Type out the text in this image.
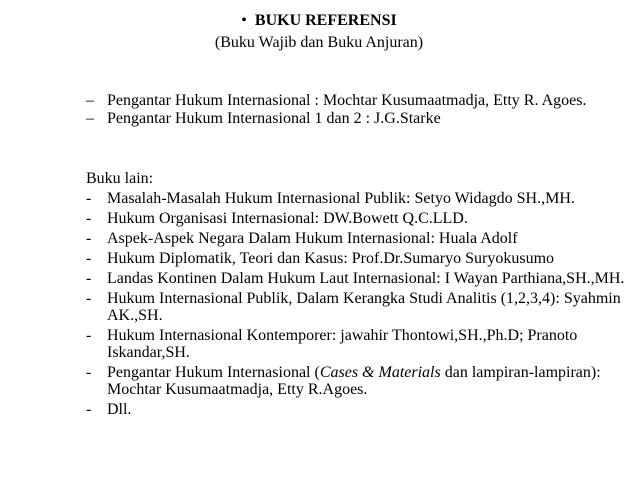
• BUKU REFERENSI
(Buku Wajib dan Buku Anjuran)
– Pengantar Hukum Internasional : Mochtar Kusumaatmadja, Etty R. Agoes.
– Pengantar Hukum Internasional 1 dan 2 : J.G.Starke
Buku lain:
- Masalah-Masalah Hukum Internasional Publik: Setyo Widagdo SH.,MH.
- Hukum Organisasi Internasional: DW.Bowett Q.C.LLD.
- Aspek-Aspek Negara Dalam Hukum Internasional: Huala Adolf
- Hukum Diplomatik, Teori dan Kasus: Prof.Dr.Sumaryo Suryokusumo
- Landas Kontinen Dalam Hukum Laut Internasional: I Wayan Parthiana,SH.,MH.
- Hukum Internasional Publik, Dalam Kerangka Studi Analitis (1,2,3,4): Syahmin AK.,SH.
- Hukum Internasional Kontemporer: jawahir Thontowi,SH.,Ph.D; Pranoto Iskandar,SH.
- Pengantar Hukum Internasional (Cases & Materials dan lampiran-lampiran): Mochtar Kusumaatmadja, Etty R.Agoes.
- Dll.
